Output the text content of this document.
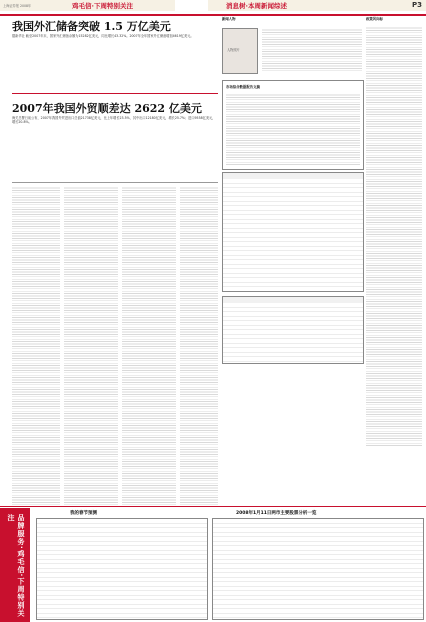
上海证券报 2008年	鸡毛信·下周特别关注	消息树·本周新闻综述	P3
我国外汇储备突破 1.5 万亿美元
据新华社 截至2007年末，国家外汇储备余额为15282亿美元，同比增长43.32%。2007年全年国家外汇储备增加4619亿美元。
2007年我国外贸顺差达 2622 亿美元
海关总署日前公布，2007年我国外贸进出口总值21738亿美元，比上年增长23.5%，其中出口12180亿美元，增长25.7%；进口9558亿美元，增长20.8%。
新闻人物
人物照片
市场综合数据报告文摘
政策风向标
品牌服务·鸡毛信·下周特别关注
我的春节预测	2008年1月11日两市主要股票分析一览
